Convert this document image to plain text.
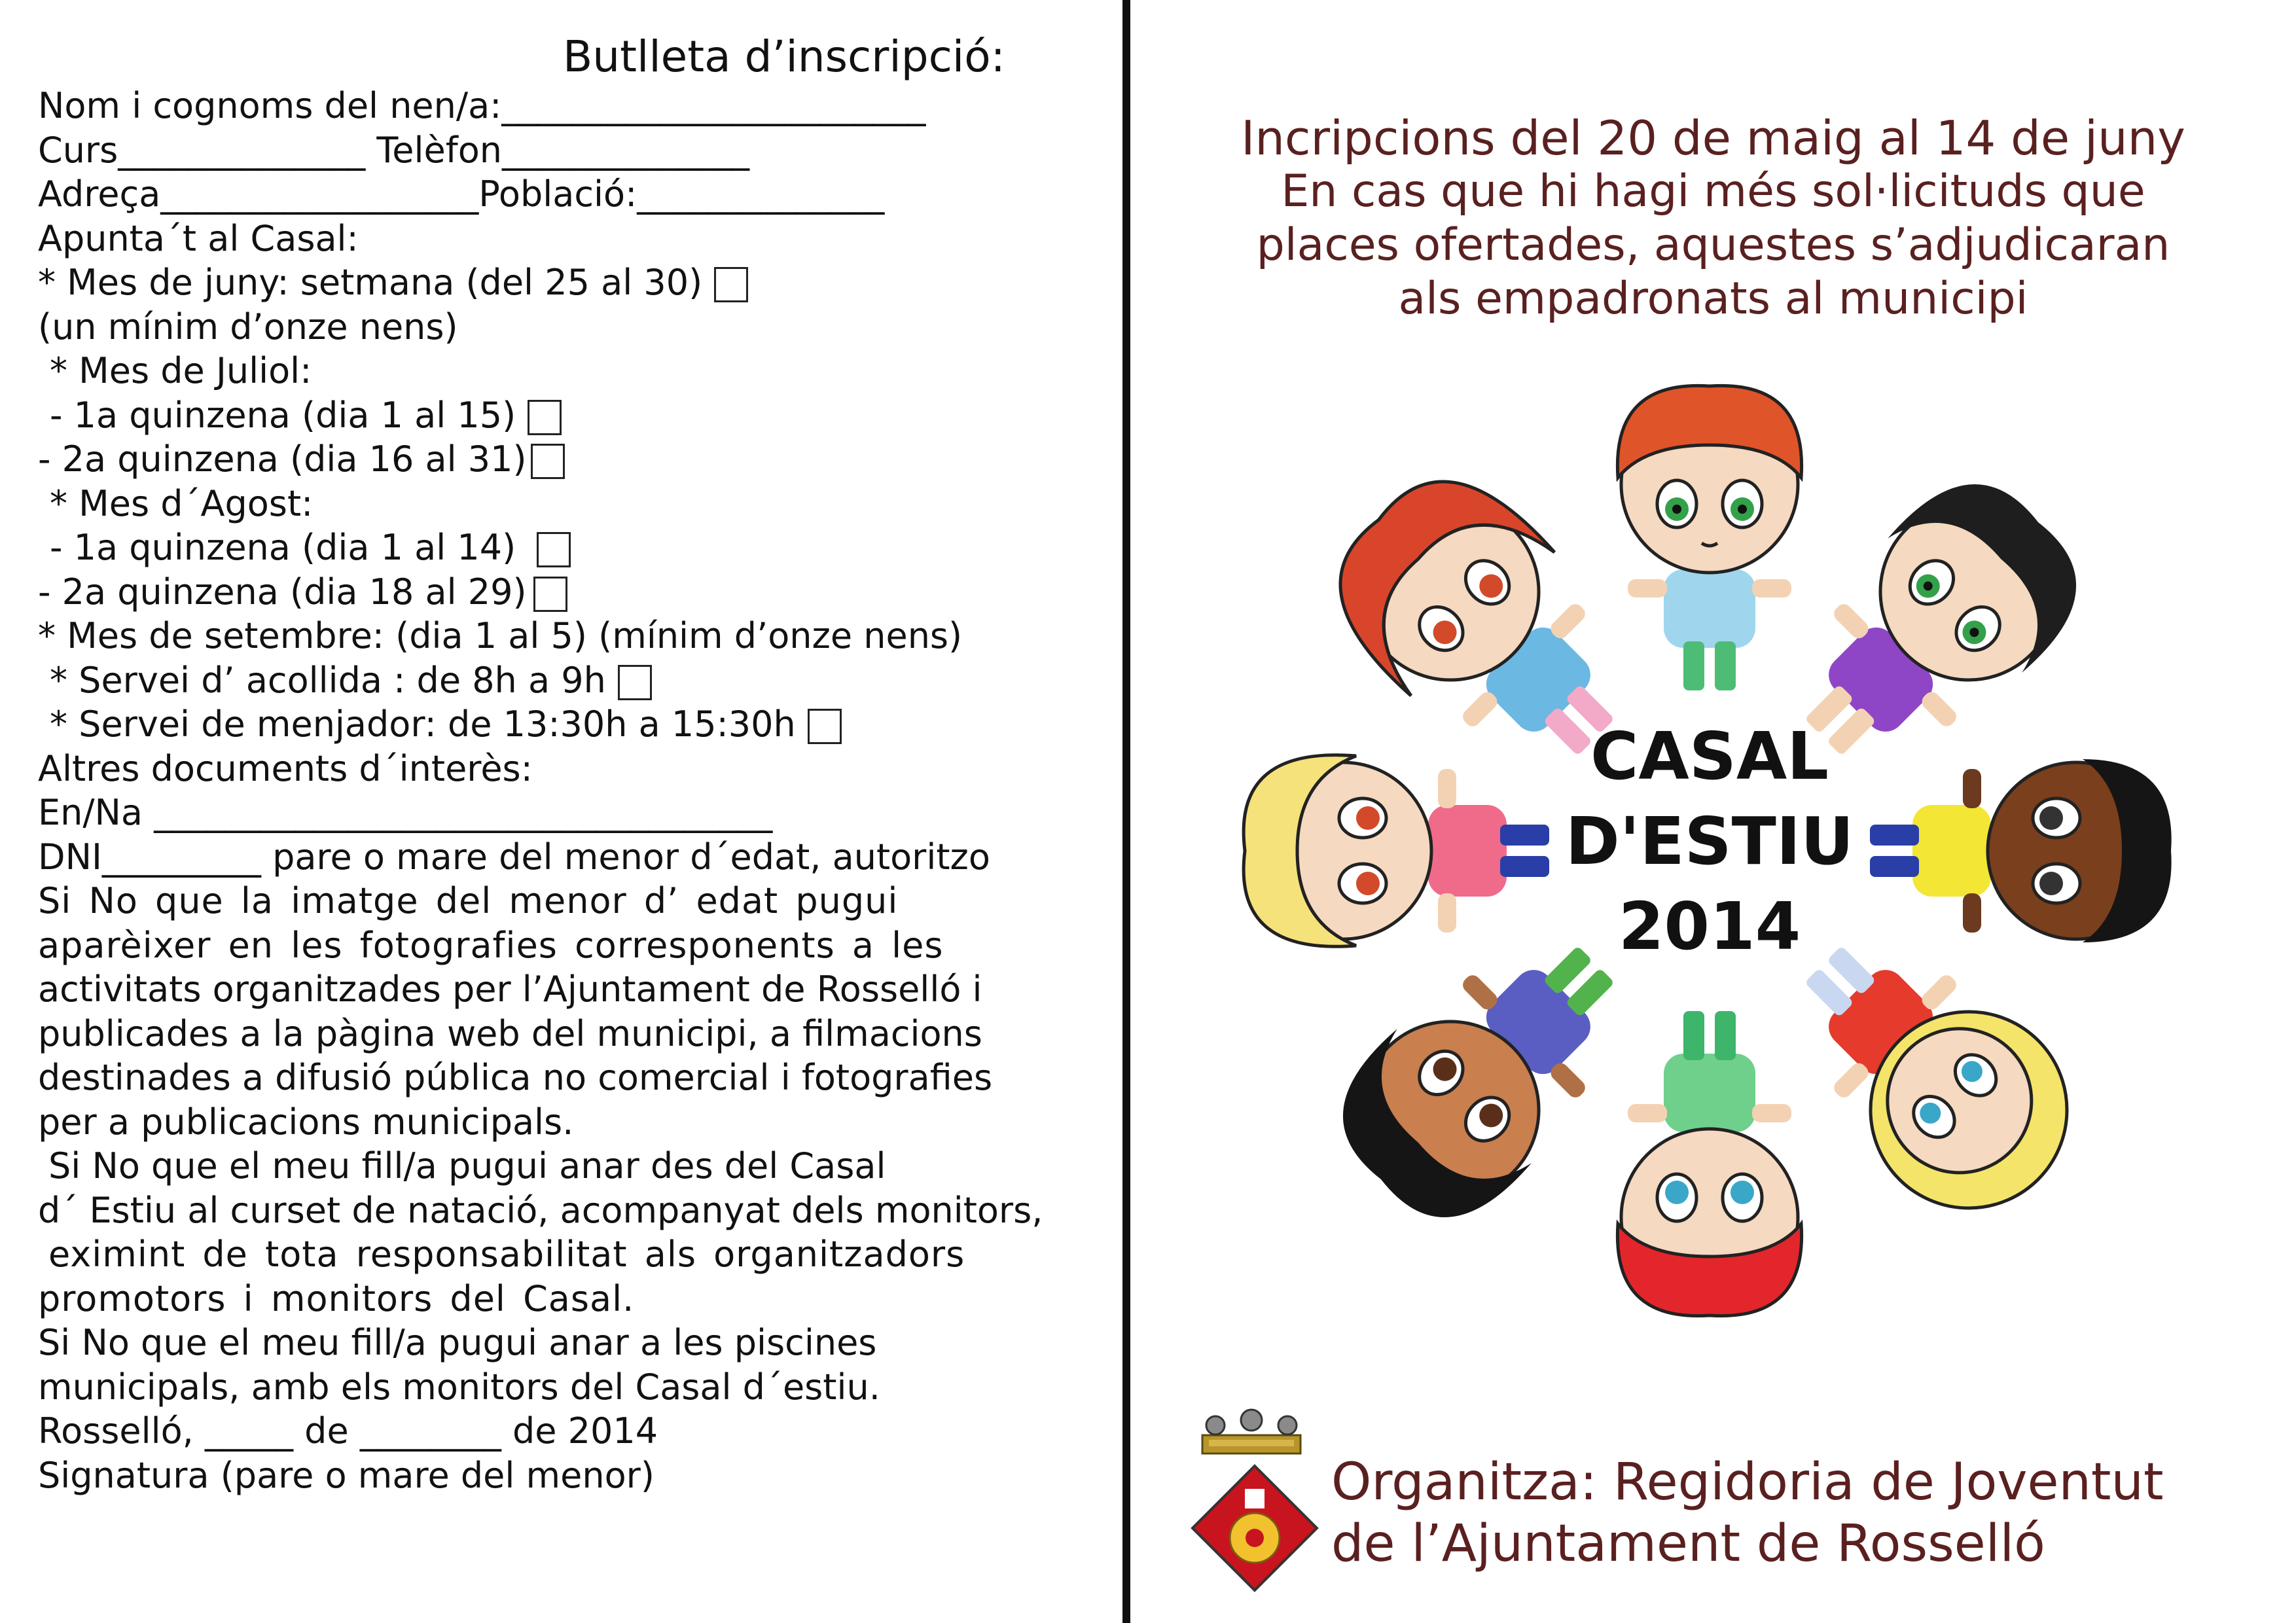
Butlleta d’inscripció:
Nom i cognoms del nen/a:________________________
Curs______________ Telèfon______________
Adreça__________________Població:______________
Apunta´t al Casal:
* Mes de juny: setmana (del 25 al 30)
(un mínim d’onze nens)
* Mes de Juliol:
- 1a quinzena (dia 1 al 15)
- 2a quinzena (dia 16 al 31)
* Mes d´Agost:
- 1a quinzena (dia 1 al 14)
- 2a quinzena (dia 18 al 29)
* Mes de setembre: (dia 1 al 5) (mínim d’onze nens)
* Servei d’ acollida : de 8h a 9h
* Servei de menjador: de 13:30h a 15:30h
Altres documents d´interès:
En/Na ___________________________________
DNI_________ pare o mare del menor d´edat, autoritzo
Si No que la imatge del menor d’ edat pugui
aparèixer en les fotografies corresponents a les
activitats organitzades per l’Ajuntament de Rosselló i
publicades a la pàgina web del municipi, a filmacions
destinades a difusió pública no comercial i fotografies
per a publicacions municipals.
Si No que el meu fill/a pugui anar des del Casal
d´ Estiu al curset de natació, acompanyat dels monitors,
eximint de tota responsabilitat als organitzadors
promotors i monitors del Casal.
Si No que el meu fill/a pugui anar a les piscines
municipals, amb els monitors del Casal d´estiu.
Rosselló, _____ de ________ de 2014
Signatura (pare o mare del menor)
Incripcions del 20 de maig al 14 de juny
En cas que hi hagi més sol·licituds que
places ofertades, aquestes s’adjudicaran
als empadronats al municipi
CASAL
D'ESTIU
2014
Organitza: Regidoria de Joventut
de l’Ajuntament de Rosselló
